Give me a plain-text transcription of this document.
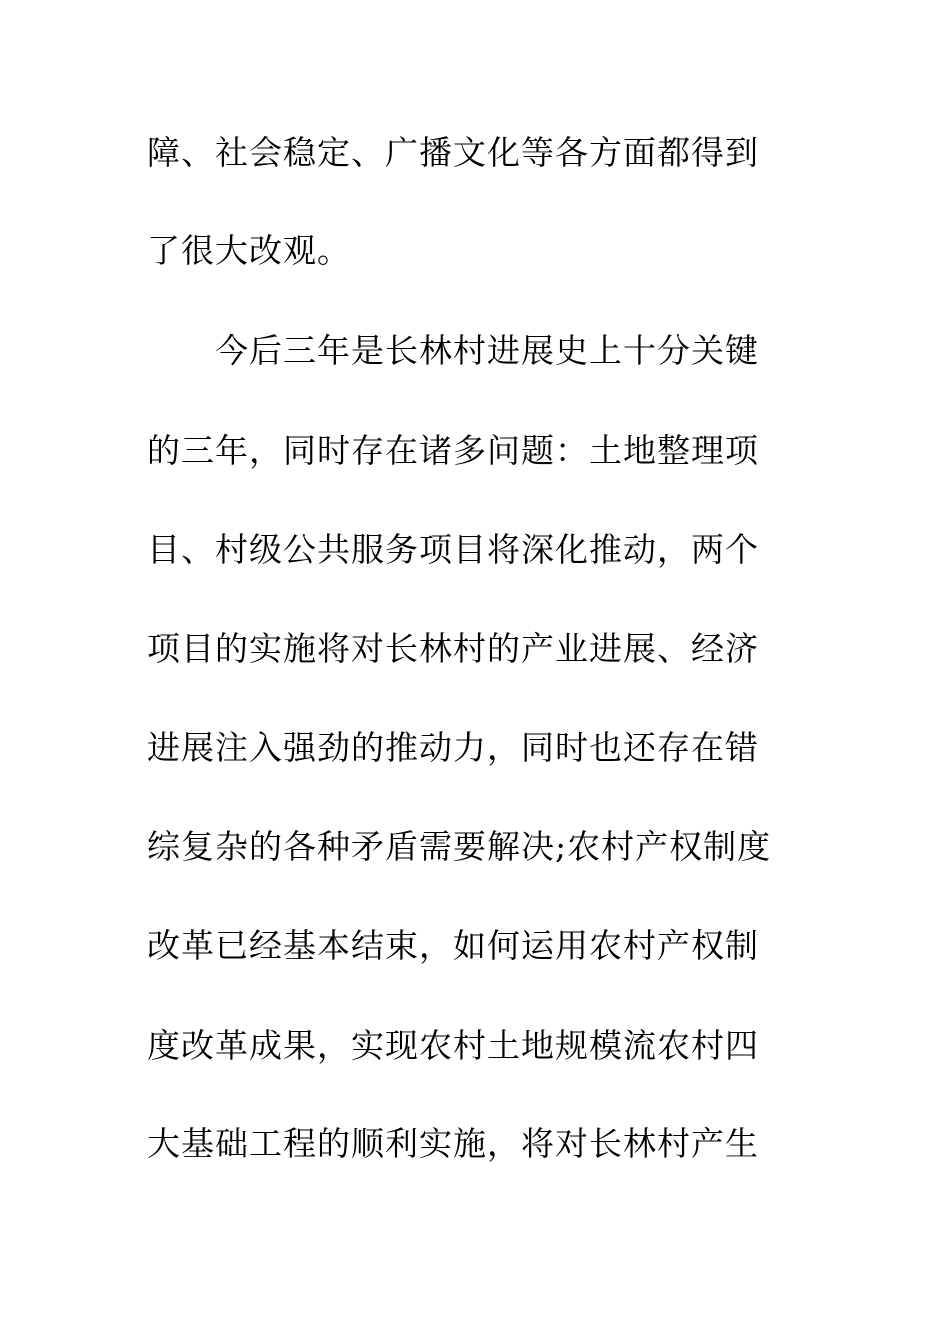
障、社会稳定、广播文化等各方面都得到
了很大改观。
今后三年是长林村进展史上十分关键
的三年，同时存在诸多问题：土地整理项
目、村级公共服务项目将深化推动，两个
项目的实施将对长林村的产业进展、经济
进展注入强劲的推动力，同时也还存在错
综复杂的各种矛盾需要解决;农村产权制度
改革已经基本结束，如何运用农村产权制
度改革成果，实现农村土地规模流农村四
大基础工程的顺利实施，将对长林村产生
